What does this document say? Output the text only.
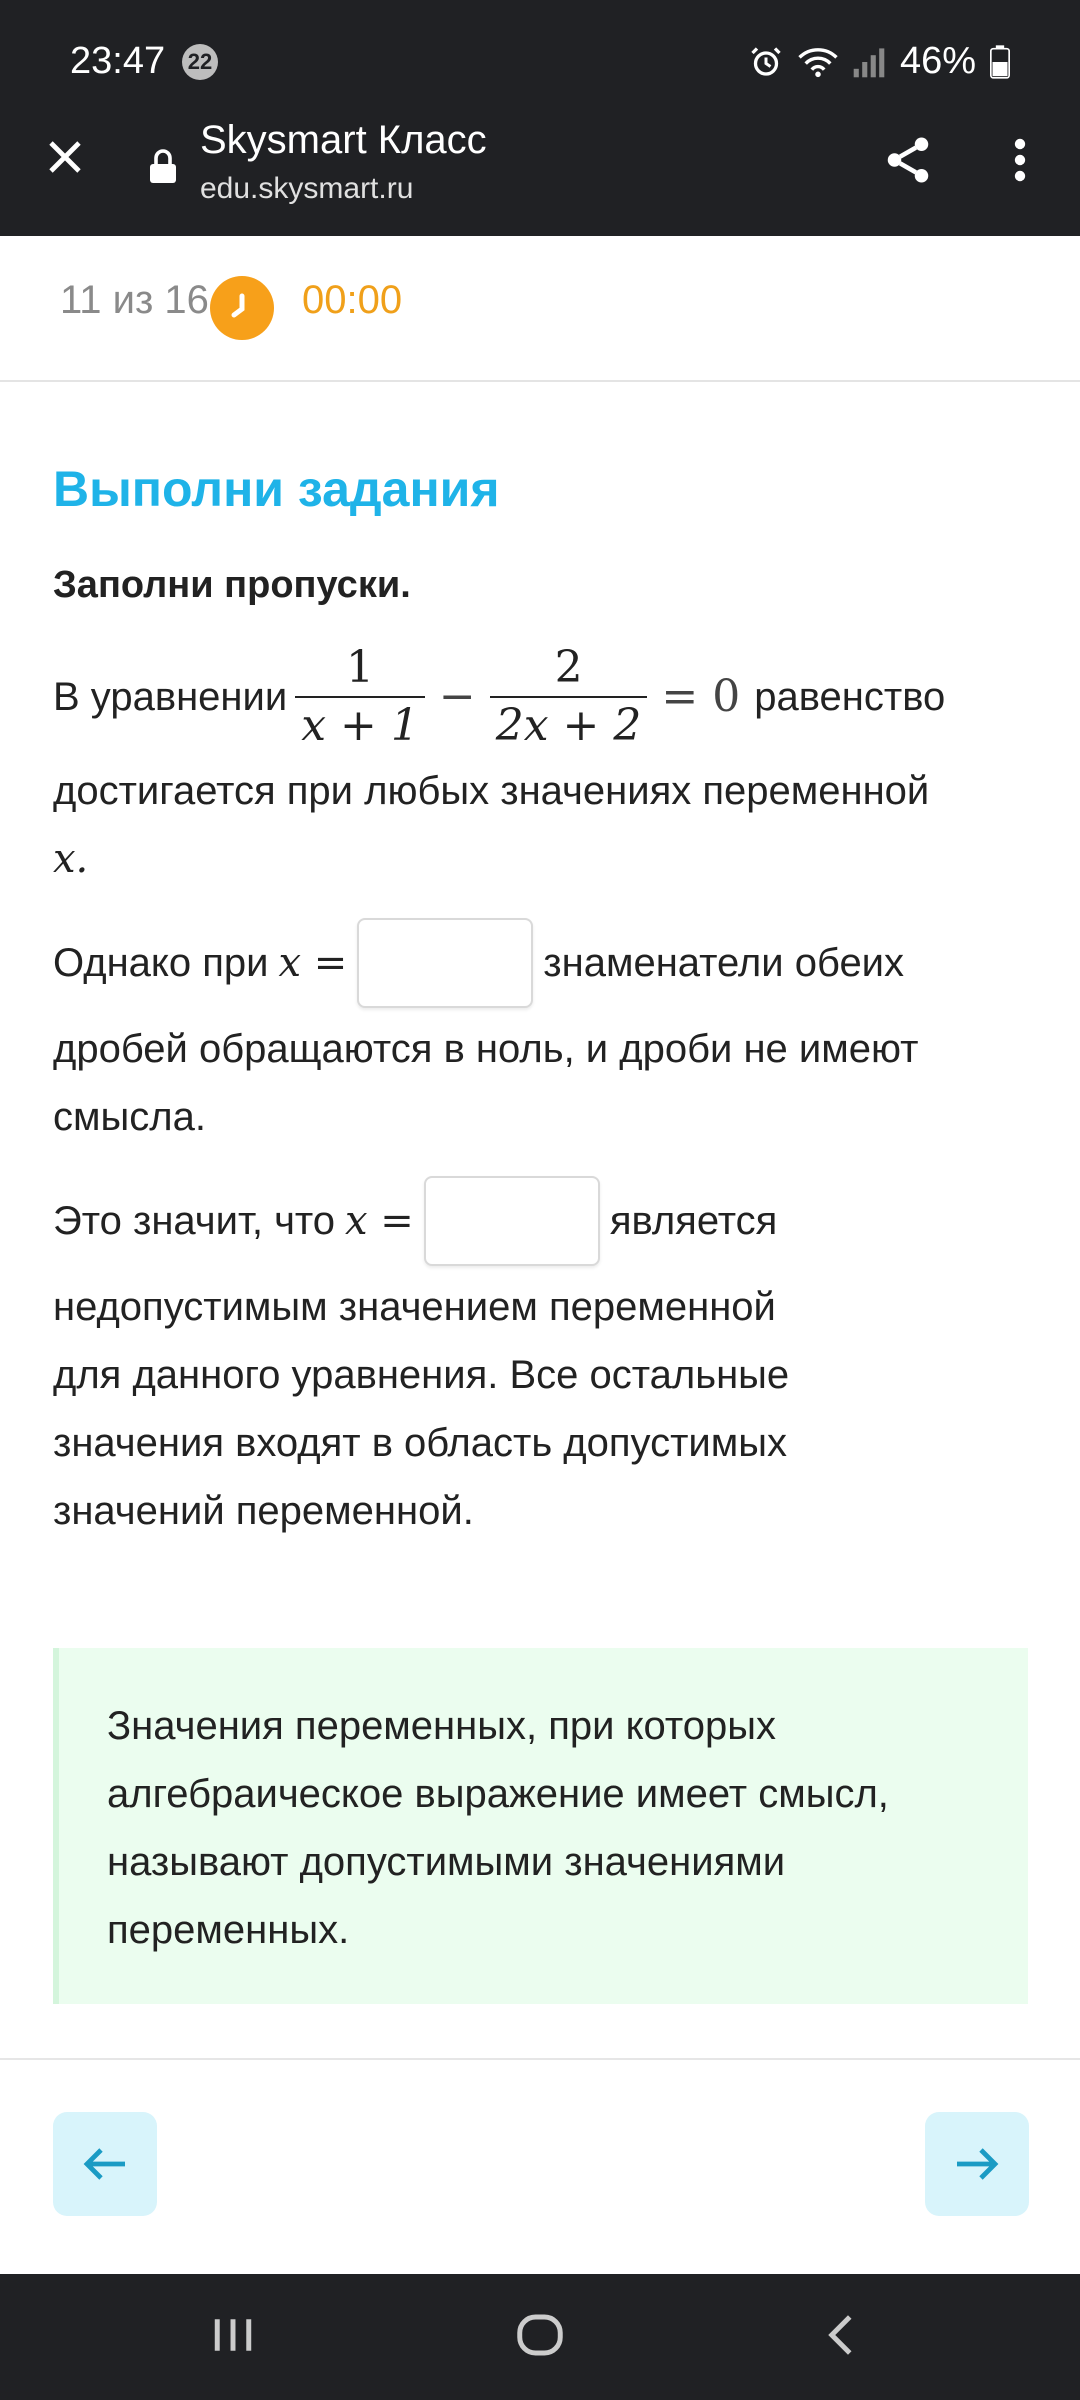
23:47 22	46%
Skysmart Класс
edu.skysmart.ru
11 из 16 00:00
Выполни задания
Заполни пропуски.
В уравнении $\frac{1}{x + 1} - \frac{2}{2x + 2} = 0$ равенство
достигается при любых значениях переменной
x.
Однако при x =	знаменатели обеих
дробей обращаются в ноль, и дроби не имеют смысла.
Это значит, что x =	является
недопустимым значением переменной для данного уравнения. Все остальные значения входят в область допустимых значений переменной.

Значения переменных, при которых алгебраическое выражение имеет смысл, называют допустимыми значениями переменных.
